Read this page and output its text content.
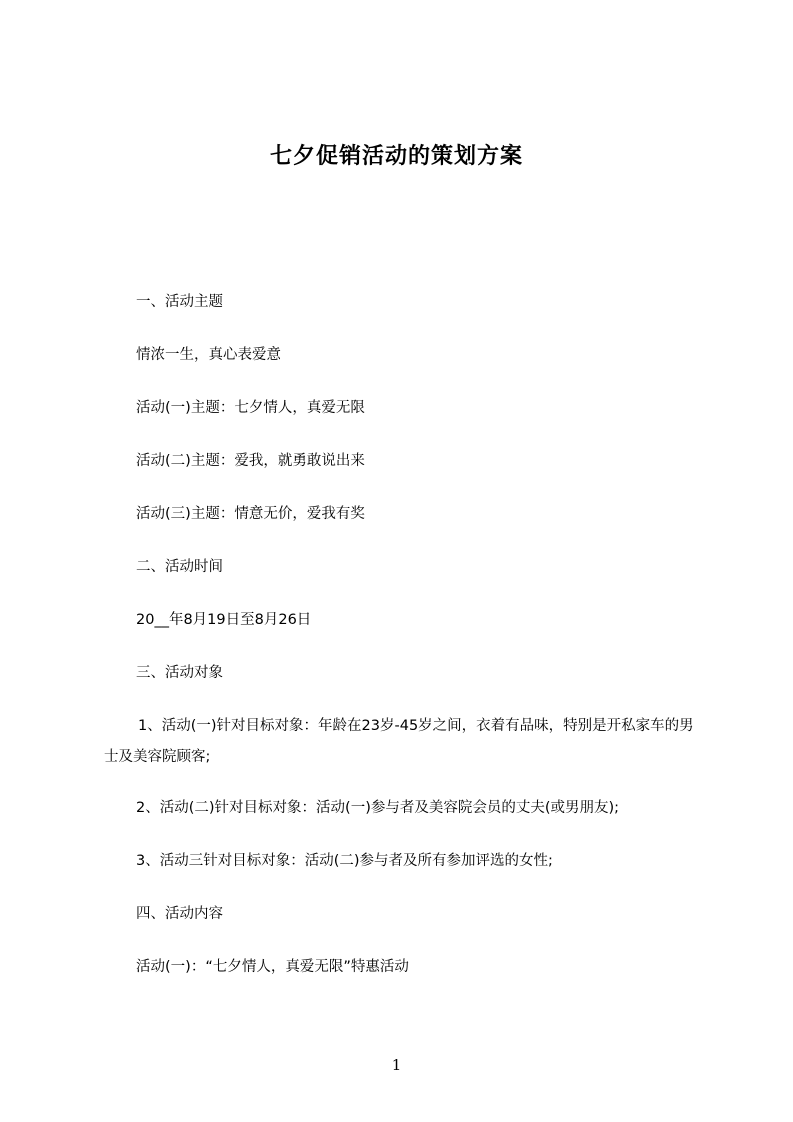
七夕促销活动的策划方案
一、活动主题
情浓一生，真心表爱意
活动(一)主题：七夕情人，真爱无限
活动(二)主题：爱我，就勇敢说出来
活动(三)主题：情意无价，爱我有奖
二、活动时间
20__年8月19日至8月26日
三、活动对象
1、活动(一)针对目标对象：年龄在23岁-45岁之间，衣着有品味，特别是开私家车的男士及美容院顾客;
2、活动(二)针对目标对象：活动(一)参与者及美容院会员的丈夫(或男朋友);
3、活动三针对目标对象：活动(二)参与者及所有参加评选的女性;
四、活动内容
活动(一)：“七夕情人，真爱无限”特惠活动
1
